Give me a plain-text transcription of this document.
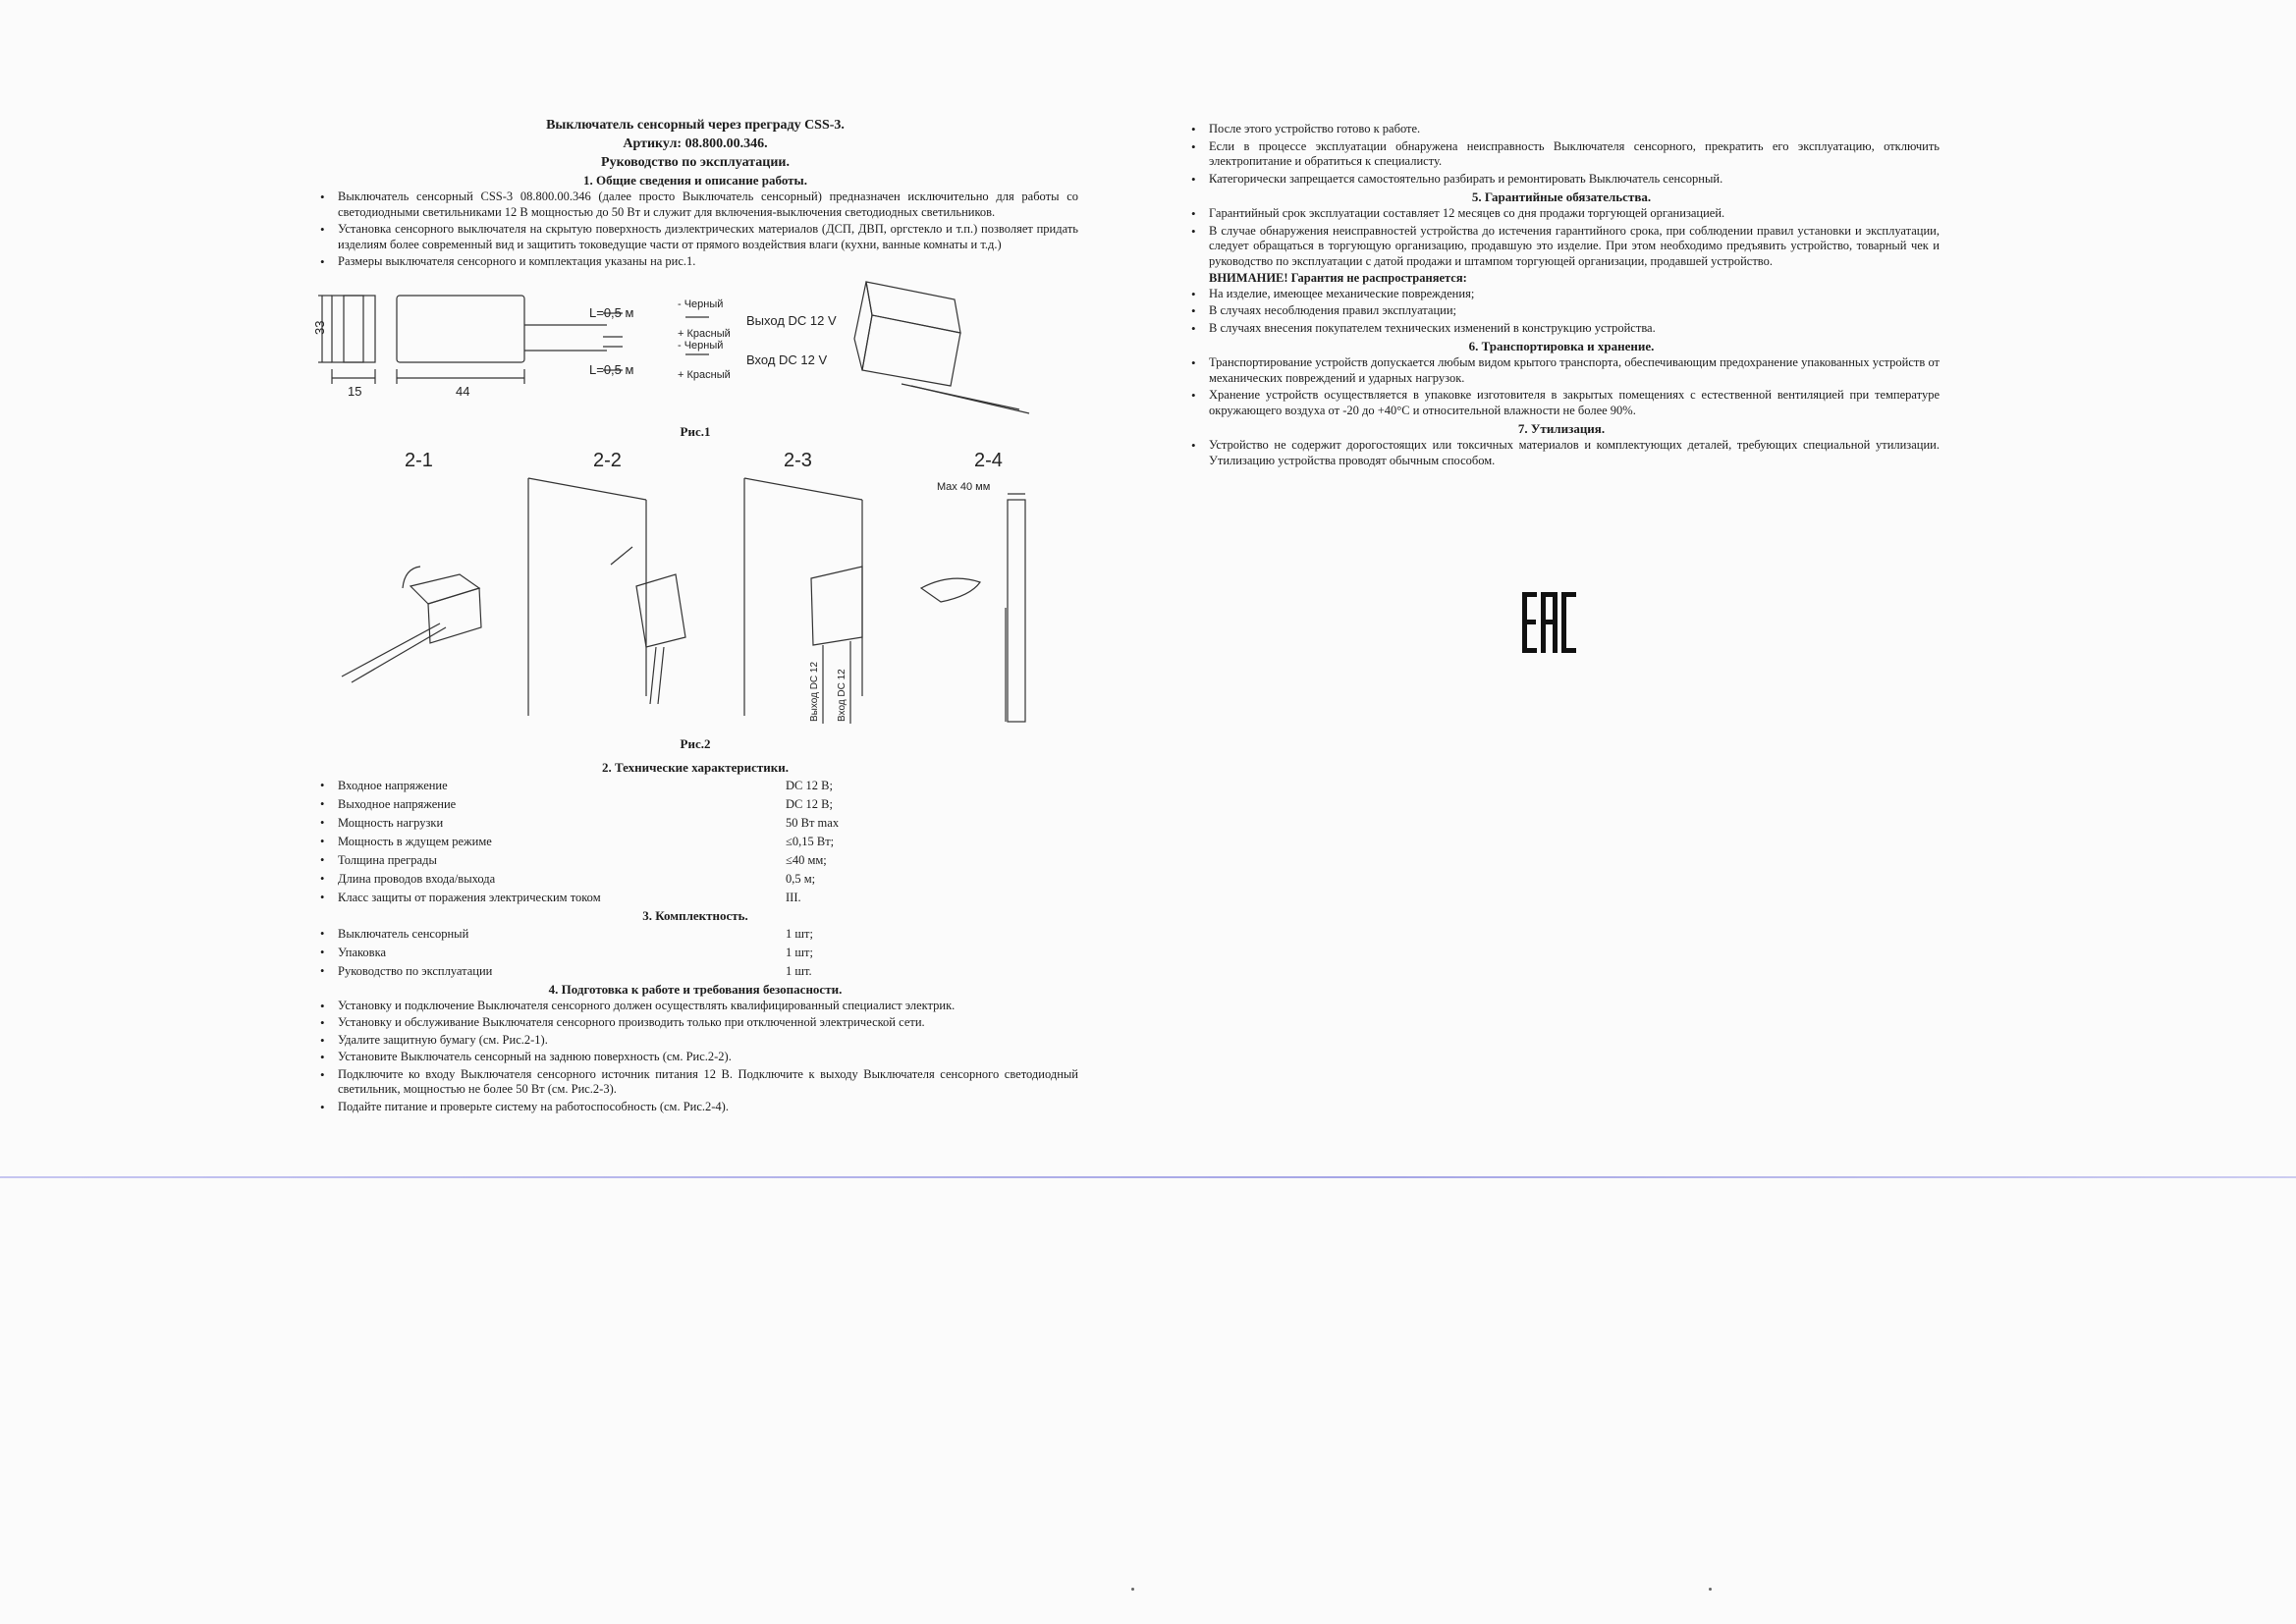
Выключатель сенсорный через преграду CSS-3.
Артикул: 08.800.00.346.
Руководство по эксплуатации.
1. Общие сведения и описание работы.
• Выключатель сенсорный CSS-3 08.800.00.346 (далее просто Выключатель сенсорный) предназначен исключительно для работы со светодиодными светильниками 12 В мощностью до 50 Вт и служит для включения-выключения светодиодных светильников.
• Установка сенсорного выключателя на скрытую поверхность диэлектрических материалов (ДСП, ДВП, оргстекло и т.п.) позволяет придать изделиям более современный вид и защитить токоведущие части от прямого воздействия влаги (кухни, ванные комнаты и т.д.)
• Размеры выключателя сенсорного и комплектация указаны на рис.1.
33
15	44
L=0,5 м
L=0,5 м
- Черный
+ Красный
- Черный
+ Красный
Выход DC 12 V
Вход DC 12 V
Рис.1
2-1	2-2	2-3	2-4
Max 40 мм
Выход DC 12 Вход DC 12
Рис.2
2. Технические характеристики.
• Входное напряжение	DC 12 В;
• Выходное напряжение	DC 12 В;
• Мощность нагрузки	50 Вт max
• Мощность в ждущем режиме	≤0,15 Вт;
• Толщина преграды	≤40 мм;
• Длина проводов входа/выхода	0,5 м;
• Класс защиты от поражения электрическим током	III.
3. Комплектность.
• Выключатель сенсорный	1 шт;
• Упаковка	1 шт;
• Руководство по эксплуатации	1 шт.
4. Подготовка к работе и требования безопасности.
• Установку и подключение Выключателя сенсорного должен осуществлять квалифицированный специалист электрик.
• Установку и обслуживание Выключателя сенсорного производить только при отключенной электрической сети.
• Удалите защитную бумагу (см. Рис.2-1).
• Установите Выключатель сенсорный на заднюю поверхность (см. Рис.2-2).
• Подключите ко входу Выключателя сенсорного источник питания 12 В. Подключите к выходу Выключателя сенсорного светодиодный светильник, мощностью не более 50 Вт (см. Рис.2-3).
• Подайте питание и проверьте систему на работоспособность (см. Рис.2-4).
• После этого устройство готово к работе.
• Если в процессе эксплуатации обнаружена неисправность Выключателя сенсорного, прекратить его эксплуатацию, отключить электропитание и обратиться к специалисту.
• Категорически запрещается самостоятельно разбирать и ремонтировать Выключатель сенсорный.
5. Гарантийные обязательства.
• Гарантийный срок эксплуатации составляет 12 месяцев со дня продажи торгующей организацией.
• В случае обнаружения неисправностей устройства до истечения гарантийного срока, при соблюдении правил установки и эксплуатации, следует обращаться в торгующую организацию, продавшую это изделие. При этом необходимо предъявить устройство, товарный чек и руководство по эксплуатации с датой продажи и штампом торгующей организации, продавшей устройство.
ВНИМАНИЕ! Гарантия не распространяется:
• На изделие, имеющее механические повреждения;
• В случаях несоблюдения правил эксплуатации;
• В случаях внесения покупателем технических изменений в конструкцию устройства.
6. Транспортировка и хранение.
• Транспортирование устройств допускается любым видом крытого транспорта, обеспечивающим предохранение упакованных устройств от механических повреждений и ударных нагрузок.
• Хранение устройств осуществляется в упаковке изготовителя в закрытых помещениях с естественной вентиляцией при температуре окружающего воздуха от -20 до +40°С и относительной влажности не более 90%.
7. Утилизация.
• Устройство не содержит дорогостоящих или токсичных материалов и комплектующих деталей, требующих специальной утилизации. Утилизацию устройства проводят обычным способом.
